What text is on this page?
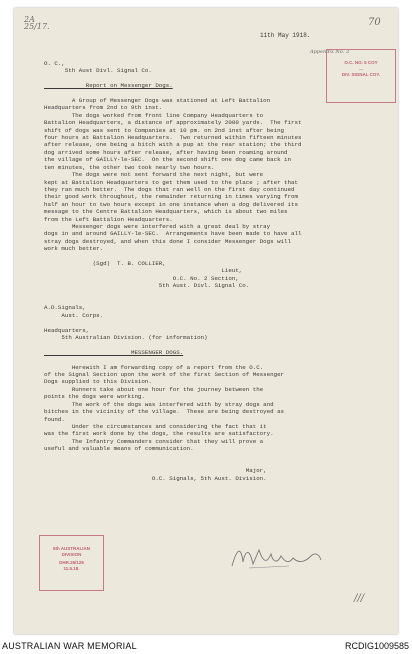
2A
25/17.	70
11th May 1918.
Appendix No. 3
O.C. NO. 5 COY
...
DIV. SIGNAL COY.
O. C.,
5th Aust Divl. Signal Co.

Report on Messenger Dogs.

A Group of Messenger Dogs was stationed at Left Battalion
Headquarters from 2nd to 9th inst.
The dogs worked from front line Company Headquarters to
Battalion Headquarters, a distance of approximately 2000 yards.  The first
shift of dogs was sent to Companies at 10 pm. on 2nd inst after being
four hours at Battalion Headquarters.  Two returned within fifteen minutes
after release, one being a bitch with a pup at the rear station; the third
dog arrived some hours after release, after having been roaming around
the village of GAILLY-le-SEC.  On the second shift one dog came back in
ten minutes, the other two took nearly two hours.
The dogs were not sent forward the next night, but were
kept at Battalion Headquarters to get them used to the place ; after that
they ran much better.  The dogs that ran well on the first day continued
their good work throughout, the remainder returning in times varying from
half an hour to two hours except in one instance when a dog delivered its
message to the Centre Battalion Headquarters, which is about two miles
from the Left Battalion Headquarters.
Messenger dogs were interfered with a great deal by stray
dogs in and around GAILLY-le-SEC.  Arrangements have been made to have all
stray dogs destroyed, and when this done I consider Messenger Dogs will
work much better.

(Sgd)  T. B. COLLIER,
Lieut,
O.C. No. 2 Section,
5th Aust. Divl. Signal Co.

A.D.Signals,
Aust. Corps.

Headquarters,
5th Australian Division. (for information)

MESSENGER DOGS.

Herewith I am forwarding copy of a report from the O.C.
of the Signal Section upon the work of the first Section of Messenger
Dogs supplied to this Division.
Runners take about one hour for the journey between the
points the dogs were working.
The work of the dogs was interfered with by stray dogs and
bitches in the vicinity of the village.  These are being destroyed as
found.
Under the circumstances and considering the fact that it
was the first work done by the dogs, the results are satisfactory.
The Infantry Commanders consider that they will prove a
useful and valuable means of communication.

Major,
O.C. Signals, 5th Aust. Division.
5th AUSTRALIAN
DIVISION
DHR.26/126
11.5.18.
///
AUSTRALIAN WAR MEMORIAL	RCDIG1009585
